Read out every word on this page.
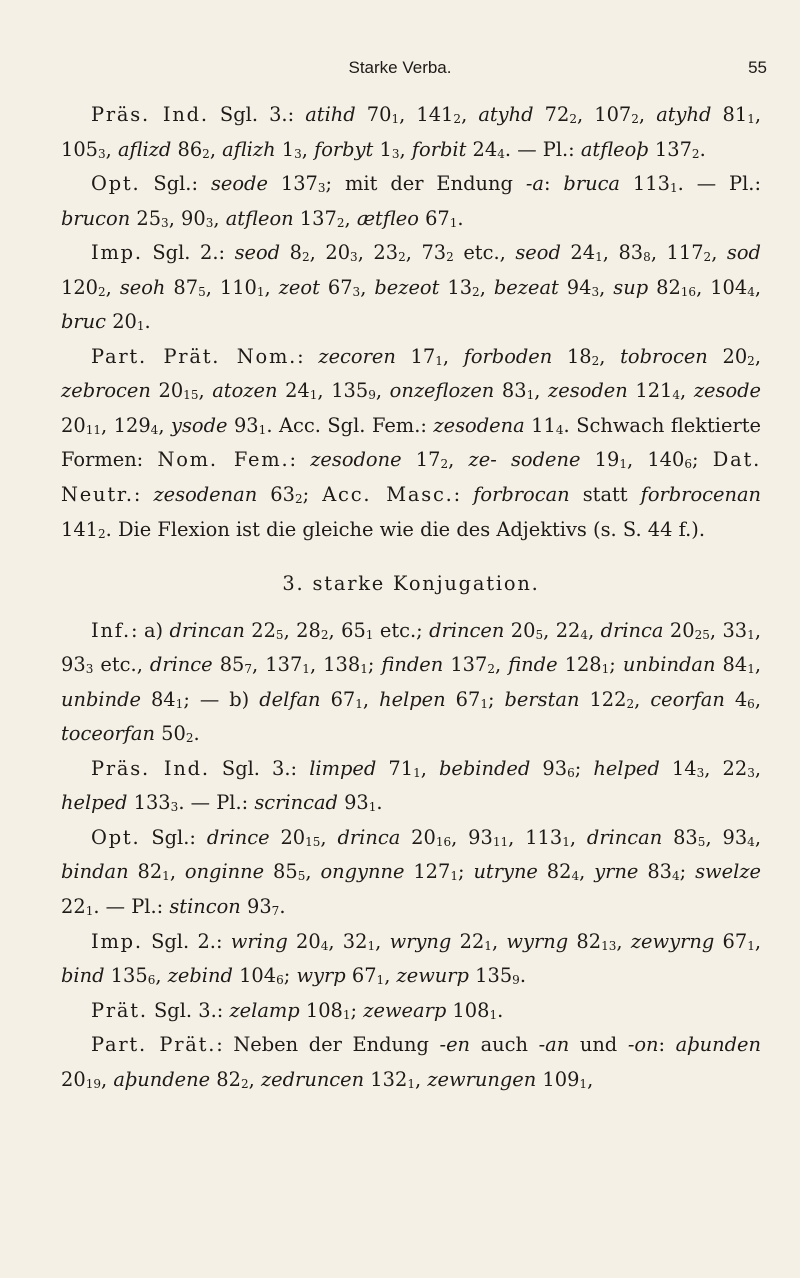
Starke Verba.	55

Präs. Ind. Sgl. 3.: atihd $70_1$, $141_2$, atyhd $72_2$, $107_2$, atyhd $81_1$, $105_3$, aflizd $86_2$, aflizh $1_3$, forbyt $1_3$, forbit $24_4$. — Pl.: atfleoþ $137_2$.

Opt. Sgl.: seode $137_3$; mit der Endung -a: bruca $113_1$. — Pl.: brucon $25_3$, $90_3$, atfleon $137_2$, ætfleo $67_1$.

Imp. Sgl. 2.: seod $8_2$, $20_3$, $23_2$, $73_2$ etc., seod $24_1$, $83_8$, $117_2$, sod $120_2$, seoh $87_5$, $110_1$, zeot $67_3$, bezeot $13_2$, bezeat $94_3$, sup $82_{16}$, $104_4$, bruc $20_1$.

Part. Prät. Nom.: zecoren $17_1$, forboden $18_2$, tobrocen $20_2$, zebrocen $20_{15}$, atozen $24_1$, $135_9$, onzeflozen $83_1$, zesoden $121_4$, zesode $20_{11}$, $129_4$, ysode $93_1$. Acc. Sgl. Fem.: zesodena $11_4$. Schwach flektierte Formen: Nom. Fem.: zesodone $17_2$, ze- sodene $19_1$, $140_6$; Dat. Neutr.: zesodenan $63_2$; Acc. Masc.: forbrocan statt forbrocenan $141_2$. Die Flexion ist die gleiche wie die des Adjektivs (s. S. 44 f.).

3. starke Konjugation.

Inf.: a) drincan $22_5$, $28_2$, $65_1$ etc.; drincen $20_5$, $22_4$, drinca $20_{25}$, $33_1$, $93_3$ etc., drince $85_7$, $137_1$, $138_1$; finden $137_2$, finde $128_1$; unbindan $84_1$, unbinde $84_1$; — b) delfan $67_1$, helpen $67_1$; berstan $122_2$, ceorfan $4_6$, toceorfan $50_2$.

Präs. Ind. Sgl. 3.: limped $71_1$, bebinded $93_6$; helped $14_3$, $22_3$, helped $133_3$. — Pl.: scrincad $93_1$.

Opt. Sgl.: drince $20_{15}$, drinca $20_{16}$, $93_{11}$, $113_1$, drincan $83_5$, $93_4$, bindan $82_1$, onginne $85_5$, ongynne $127_1$; utryne $82_4$, yrne $83_4$; swelze $22_1$. — Pl.: stincon $93_7$.

Imp. Sgl. 2.: wring $20_4$, $32_1$, wryng $22_1$, wyrng $82_{13}$, zewyrng $67_1$, bind $135_6$, zebind $104_6$; wyrp $67_1$, zewurp $135_9$.

Prät. Sgl. 3.: zelamp $108_1$; zewearp $108_1$.

Part. Prät.: Neben der Endung -en auch -an und -on: aþunden $20_{19}$, aþundene $82_2$, zedruncen $132_1$, zewrungen $109_1$,
